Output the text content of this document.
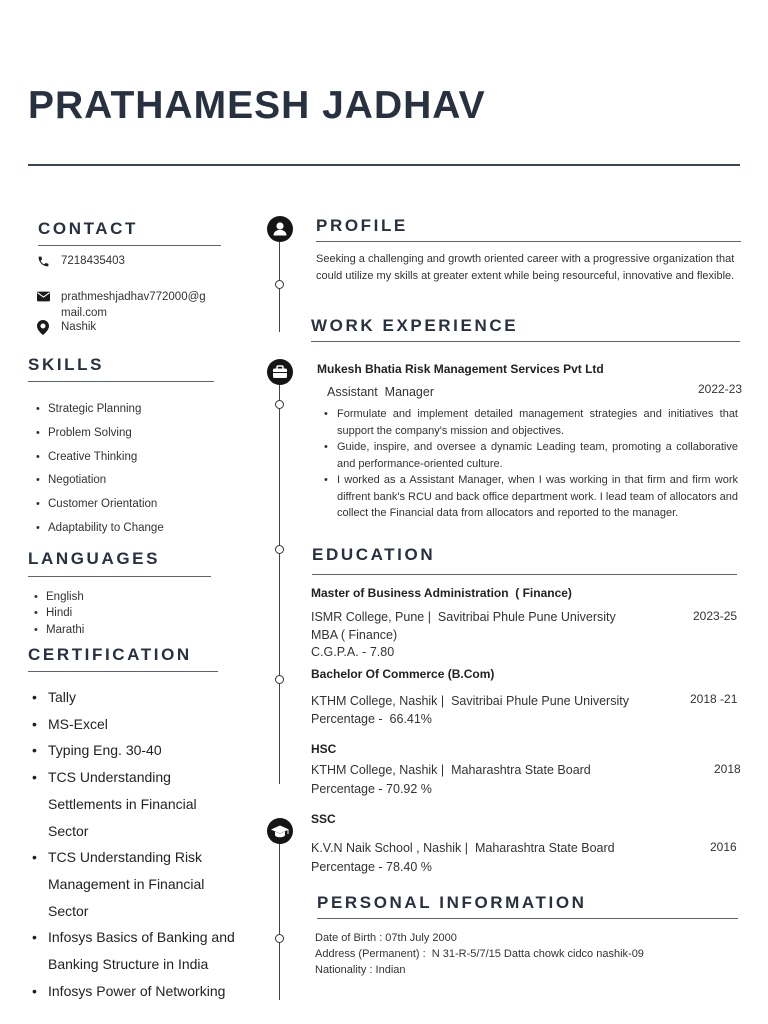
PRATHAMESH JADHAV
CONTACT
7218435403
prathmeshjadhav772000@g
mail.com
Nashik
SKILLS
• Strategic Planning
• Problem Solving
• Creative Thinking
• Negotiation
• Customer Orientation
• Adaptability to Change
LANGUAGES
• English
• Hindi
• Marathi
CERTIFICATION
• Tally
• MS-Excel
• Typing Eng. 30-40
• TCS Understanding Settlements in Financial Sector
• TCS Understanding Risk Management in Financial Sector
• Infosys Basics of Banking and Banking Structure in India
• Infosys Power of Networking
PROFILE
Seeking a challenging and growth oriented career with a progressive organization that could utilize my skills at greater extent while being resourceful, innovative and flexible.
WORK EXPERIENCE
Mukesh Bhatia Risk Management Services Pvt Ltd
Assistant  Manager	2022-23
• Formulate and implement detailed management strategies and initiatives that support the company's mission and objectives.
• Guide, inspire, and oversee a dynamic Leading team, promoting a collaborative and performance-oriented culture.
• I worked as a Assistant Manager, when I was working in that firm and firm work diffrent bank's RCU and back office department work. I lead team of allocators and collect the Financial data from allocators and reported to the manager.
EDUCATION
Master of Business Administration  ( Finance)
ISMR College, Pune |  Savitribai Phule Pune University	2023-25
MBA ( Finance)
C.G.P.A. - 7.80
Bachelor Of Commerce (B.Com)
KTHM College, Nashik |  Savitribai Phule Pune University	2018 -21
Percentage -  66.41%
HSC
KTHM College, Nashik |  Maharashtra State Board	2018
Percentage - 70.92 %
SSC
K.V.N Naik School , Nashik |  Maharashtra State Board	2016
Percentage - 78.40 %
PERSONAL INFORMATION
Date of Birth : 07th July 2000
Address (Permanent) :  N 31-R-5/7/15 Datta chowk cidco nashik-09
Nationality : Indian
